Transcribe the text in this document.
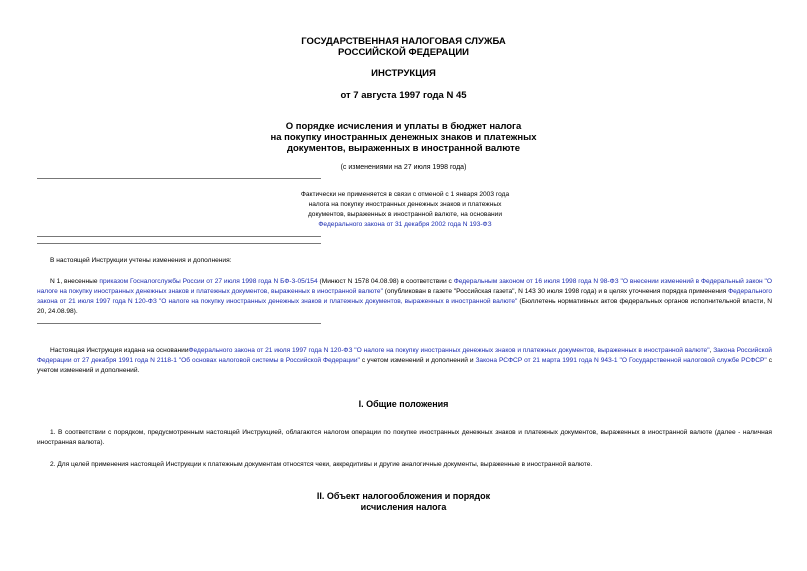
ГОСУДАРСТВЕННАЯ НАЛОГОВАЯ СЛУЖБА
РОССИЙСКОЙ ФЕДЕРАЦИИ
ИНСТРУКЦИЯ
от 7 августа 1997 года N 45
О порядке исчисления и уплаты в бюджет налога
на покупку иностранных денежных знаков и платежных
документов, выраженных в иностранной валюте
(с изменениями на 27 июля 1998 года)
Фактически не применяется в связи с отменой с 1 января 2003 года
налога на покупку иностранных денежных знаков и платежных
документов, выраженных в иностранной валюте, на основании
Федерального закона от 31 декабря 2002 года N 193-ФЗ
В настоящей Инструкции учтены изменения и дополнения:
N 1, внесенные приказом Госналогслужбы России от 27 июля 1998 года N БФ-3-05/154 (Минюст N 1578 04.08.98) в соответствии с Федеральным законом от 16 июля 1998 года N 98-ФЗ "О внесении изменений в Федеральный закон "О налоге на покупку иностранных денежных знаков и платежных документов, выраженных в иностранной валюте" (опубликован в газете "Российская газета", N 143 30 июля 1998 года) и в целях уточнения порядка применения Федерального закона от 21 июля 1997 года N 120-ФЗ "О налоге на покупку иностранных денежных знаков и платежных документов, выраженных в иностранной валюте" (Бюллетень нормативных актов федеральных органов исполнительной власти, N 20, 24.08.98).
Настоящая Инструкция издана на основанииФедерального закона от 21 июля 1997 года N 120-ФЗ "О налоге на покупку иностранных денежных знаков и платежных документов, выраженных в иностранной валюте", Закона Российской Федерации от 27 декабря 1991 года N 2118-1 "Об основах налоговой системы в Российской Федерации" с учетом изменений и дополнений и Закона РСФСР от 21 марта 1991 года N 943-1 "О Государственной налоговой службе РСФСР" с учетом изменений и дополнений.
I. Общие положения
1. В соответствии с порядком, предусмотренным настоящей Инструкцией, облагаются налогом операции по покупке иностранных денежных знаков и платежных документов, выраженных в иностранной валюте (далее - наличная иностранная валюта).
2. Для целей применения настоящей Инструкции к платежным документам относятся чеки, аккредитивы и другие аналогичные документы, выраженные в иностранной валюте.
II. Объект налогообложения и порядок
исчисления налога
